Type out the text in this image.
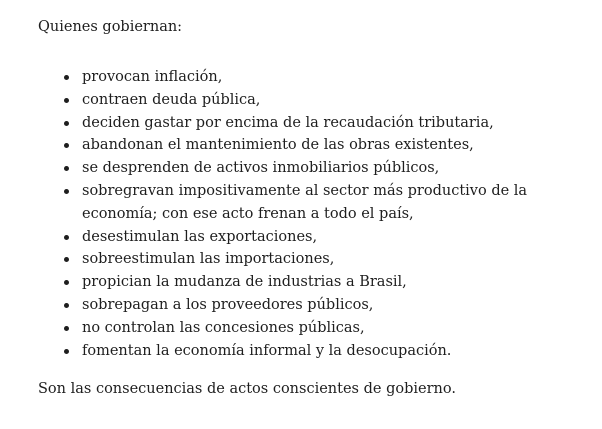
Quienes gobiernan:

provocan inflación,
contraen deuda pública,
deciden gastar por encima de la recaudación tributaria,
abandonan el mantenimiento de las obras existentes,
se desprenden de activos inmobiliarios públicos,
sobregravan impositivamente al sector más productivo de la economía; con ese acto frenan a todo el país,
desestimulan las exportaciones,
sobreestimulan las importaciones,
propician la mudanza de industrias a Brasil,
sobrepagan a los proveedores públicos,
no controlan las concesiones públicas,
fomentan la economía informal y la desocupación.

Son las consecuencias de actos conscientes de gobierno.
